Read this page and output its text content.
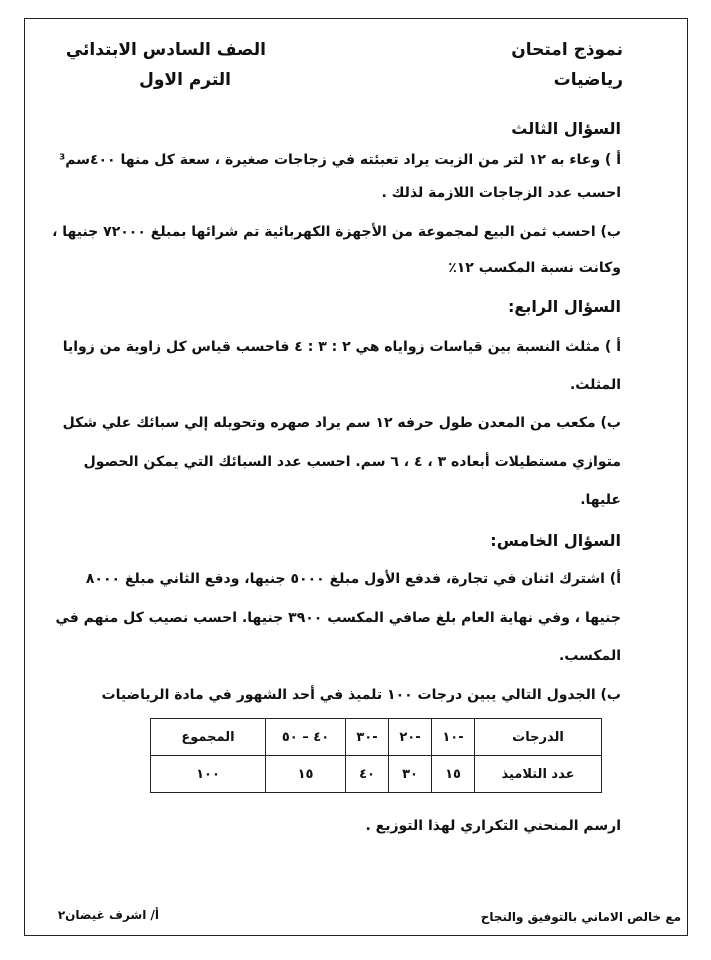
نموذج امتحان
رياضيات
الصف السادس الابتدائي
الترم الاول
السؤال الثالث
أ ) وعاء به ١٢ لتر من الزيت يراد تعبئته في زجاجات صغيرة ، سعة كل منها ٤٠٠سم³
احسب عدد الزجاجات اللازمة لذلك .
ب) احسب ثمن البيع لمجموعة من الأجهزة الكهربائية تم شرائها بمبلغ ٧٢٠٠٠ جنيها ،
وكانت نسبة المكسب ١٢٪
السؤال الرابع:
أ ) مثلث النسبة بين قياسات زواياه هي ٢ : ٣ : ٤ فاحسب قياس كل زاوية من زوايا
المثلث.
ب) مكعب من المعدن طول حرفه ١٢ سم يراد صهره وتحويله إلي سبائك علي شكل
متوازي مستطيلات أبعاده ٣ ، ٤ ، ٦ سم. احسب عدد السبائك التي يمكن الحصول
عليها.
السؤال الخامس:
أ) اشترك اثنان في تجارة، فدفع الأول مبلغ ٥٠٠٠ جنيها، ودفع الثاني مبلغ ٨٠٠٠
جنيها ، وفي نهاية العام بلغ صافي المكسب ٣٩٠٠ جنيها. احسب نصيب كل منهم في
المكسب.
ب) الجدول التالي يبين درجات ١٠٠ تلميذ في أحد الشهور في مادة الرياضيات
الدرجات	-١٠	-٢٠	-٣٠	٤٠ – ٥٠	المجموع
عدد التلاميذ	١٥	٣٠	٤٠	١٥	١٠٠
ارسم المنحني التكراري لهذا التوزيع .
مع خالص الاماني بالتوفيق والنجاح
أ/ اشرف غيضان٢
